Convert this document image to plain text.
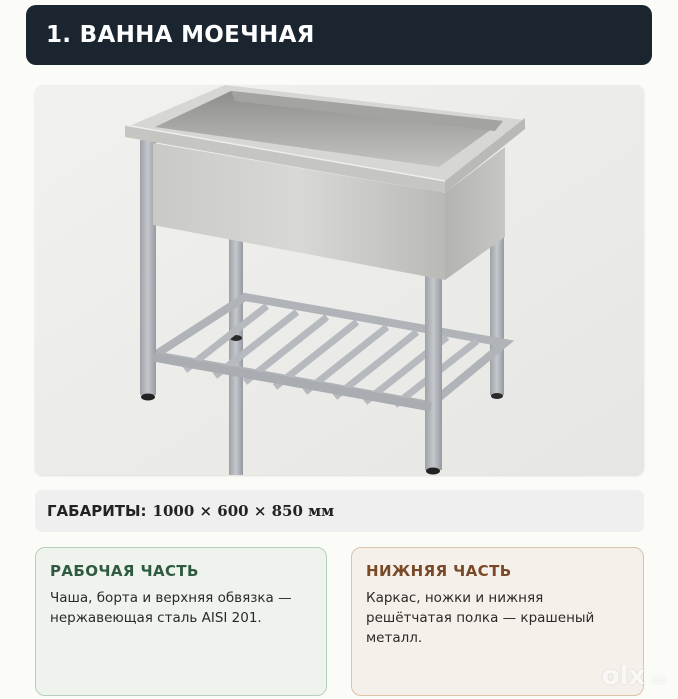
1. ВАННА МОЕЧНАЯ
ГАБАРИТЫ: 1000 × 600 × 850 мм
РАБОЧАЯ ЧАСТЬ
Чаша, борта и верхняя обвязка — нержавеющая сталь AISI 201.
НИЖНЯЯ ЧАСТЬ
Каркас, ножки и нижняя решётчатая полка — крашеный металл.
olx .uz
